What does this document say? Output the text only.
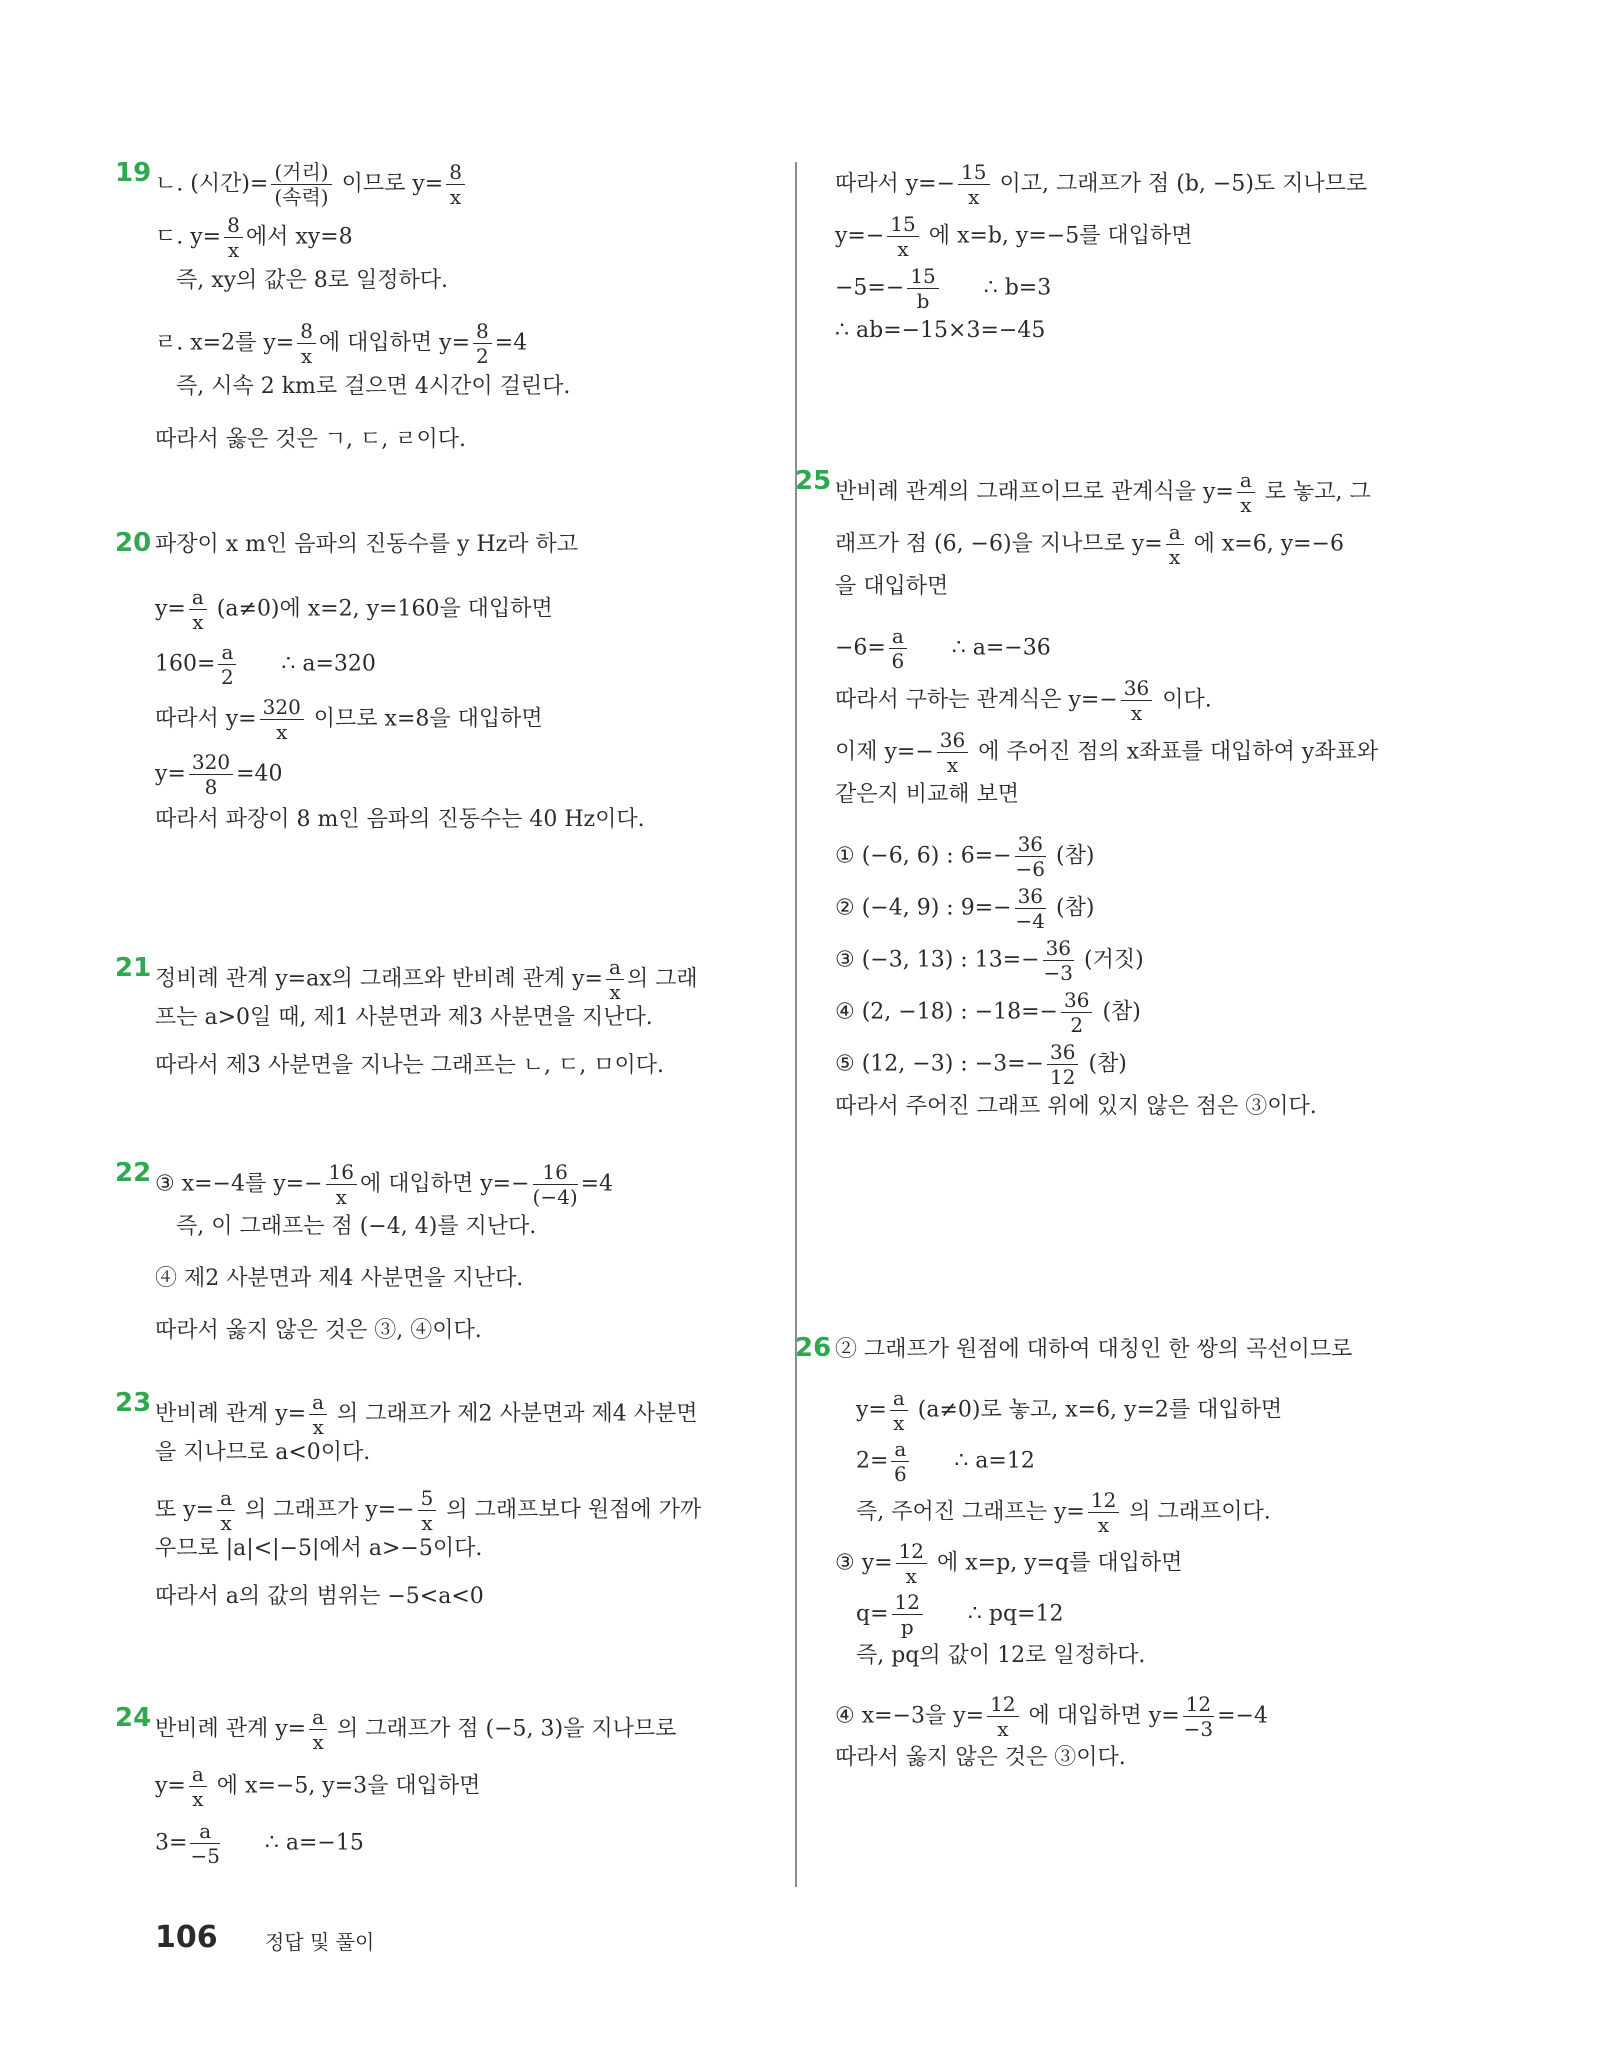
19 ㄴ. (시간)= $\frac{\text{(거리)}}{\text{(속력)}}$ 이므로 $y= \frac{8}{x}$
ㄷ. $y= \frac{8}{x}$ 에서 xy=8
즉, xy의 값은 8로 일정하다.
ㄹ. x=2를 $y= \frac{8}{x}$ 에 대입하면 $y= \frac{8}{2} =4$
즉, 시속 2 km로 걸으면 4시간이 걸린다.
따라서 옳은 것은 ㄱ, ㄷ, ㄹ이다.
20 파장이 x m인 음파의 진동수를 y Hz라 하고
$y= \frac{a}{x} (a\ne 0)$에 x=2, y=160을 대입하면
$160= \frac{a}{2}$ ∴ a=320
따라서 $y= \frac{320}{x}$ 이므로 x=8을 대입하면
$y= \frac{320}{8} =40$
따라서 파장이 8 m인 음파의 진동수는 40 Hz이다.
21 정비례 관계 y=ax의 그래프와 반비례 관계 $y= \frac{a}{x}$ 의 그래
프는 a>0일 때, 제1 사분면과 제3 사분면을 지난다.
따라서 제3 사분면을 지나는 그래프는 ㄴ, ㄷ, ㅁ이다.
22 ③ x=−4를 $y=- \frac{16}{x}$ 에 대입하면 $y=- \frac{16}{(-4)} =4$
즉, 이 그래프는 점 (−4, 4)를 지난다.
④ 제2 사분면과 제4 사분면을 지난다.
따라서 옳지 않은 것은 ③, ④이다.
23 반비례 관계 $y= \frac{a}{x}$ 의 그래프가 제2 사분면과 제4 사분면
을 지나므로 a<0이다.
또 $y= \frac{a}{x}$ 의 그래프가 $y=- \frac{5}{x}$ 의 그래프보다 원점에 가까
우므로 |a|<|−5|에서 a>−5이다.
따라서 a의 값의 범위는 −5<a<0
24 반비례 관계 $y= \frac{a}{x}$ 의 그래프가 점 (−5, 3)을 지나므로
$y= \frac{a}{x}$ 에 x=−5, y=3을 대입하면
$3= \frac{a}{-5}$ ∴ a=−15
따라서 $y=- \frac{15}{x}$ 이고, 그래프가 점 (b, −5)도 지나므로
$y=- \frac{15}{x}$ 에 x=b, y=−5를 대입하면
$-5=- \frac{15}{b}$ ∴ b=3
∴ ab=−15×3=−45
25 반비례 관계의 그래프이므로 관계식을 $y= \frac{a}{x}$ 로 놓고, 그
래프가 점 (6, −6)을 지나므로 $y= \frac{a}{x}$ 에 x=6, y=−6
을 대입하면
$-6= \frac{a}{6}$ ∴ a=−36
따라서 구하는 관계식은 $y=- \frac{36}{x}$ 이다.
이제 $y=- \frac{36}{x}$ 에 주어진 점의 x좌표를 대입하여 y좌표와
같은지 비교해 보면
① (−6, 6) : $6=- \frac{36}{-6}$ (참)
② (−4, 9) : $9=- \frac{36}{-4}$ (참)
③ (−3, 13) : $13=- \frac{36}{-3}$ (거짓)
④ (2, −18) : $-18=- \frac{36}{2}$ (참)
⑤ (12, −3) : $-3=- \frac{36}{12}$ (참)
따라서 주어진 그래프 위에 있지 않은 점은 ③이다.
26 ② 그래프가 원점에 대하여 대칭인 한 쌍의 곡선이므로
$y= \frac{a}{x} (a\ne 0)$로 놓고, x=6, y=2를 대입하면
$2= \frac{a}{6}$ ∴ a=12
즉, 주어진 그래프는 $y= \frac{12}{x}$ 의 그래프이다.
③ $y= \frac{12}{x}$ 에 x=p, y=q를 대입하면
$q= \frac{12}{p}$ ∴ pq=12
즉, pq의 값이 12로 일정하다.
④ x=−3을 $y= \frac{12}{x}$ 에 대입하면 $y= \frac{12}{-3} =-4$
따라서 옳지 않은 것은 ③이다.
106 정답 및 풀이
